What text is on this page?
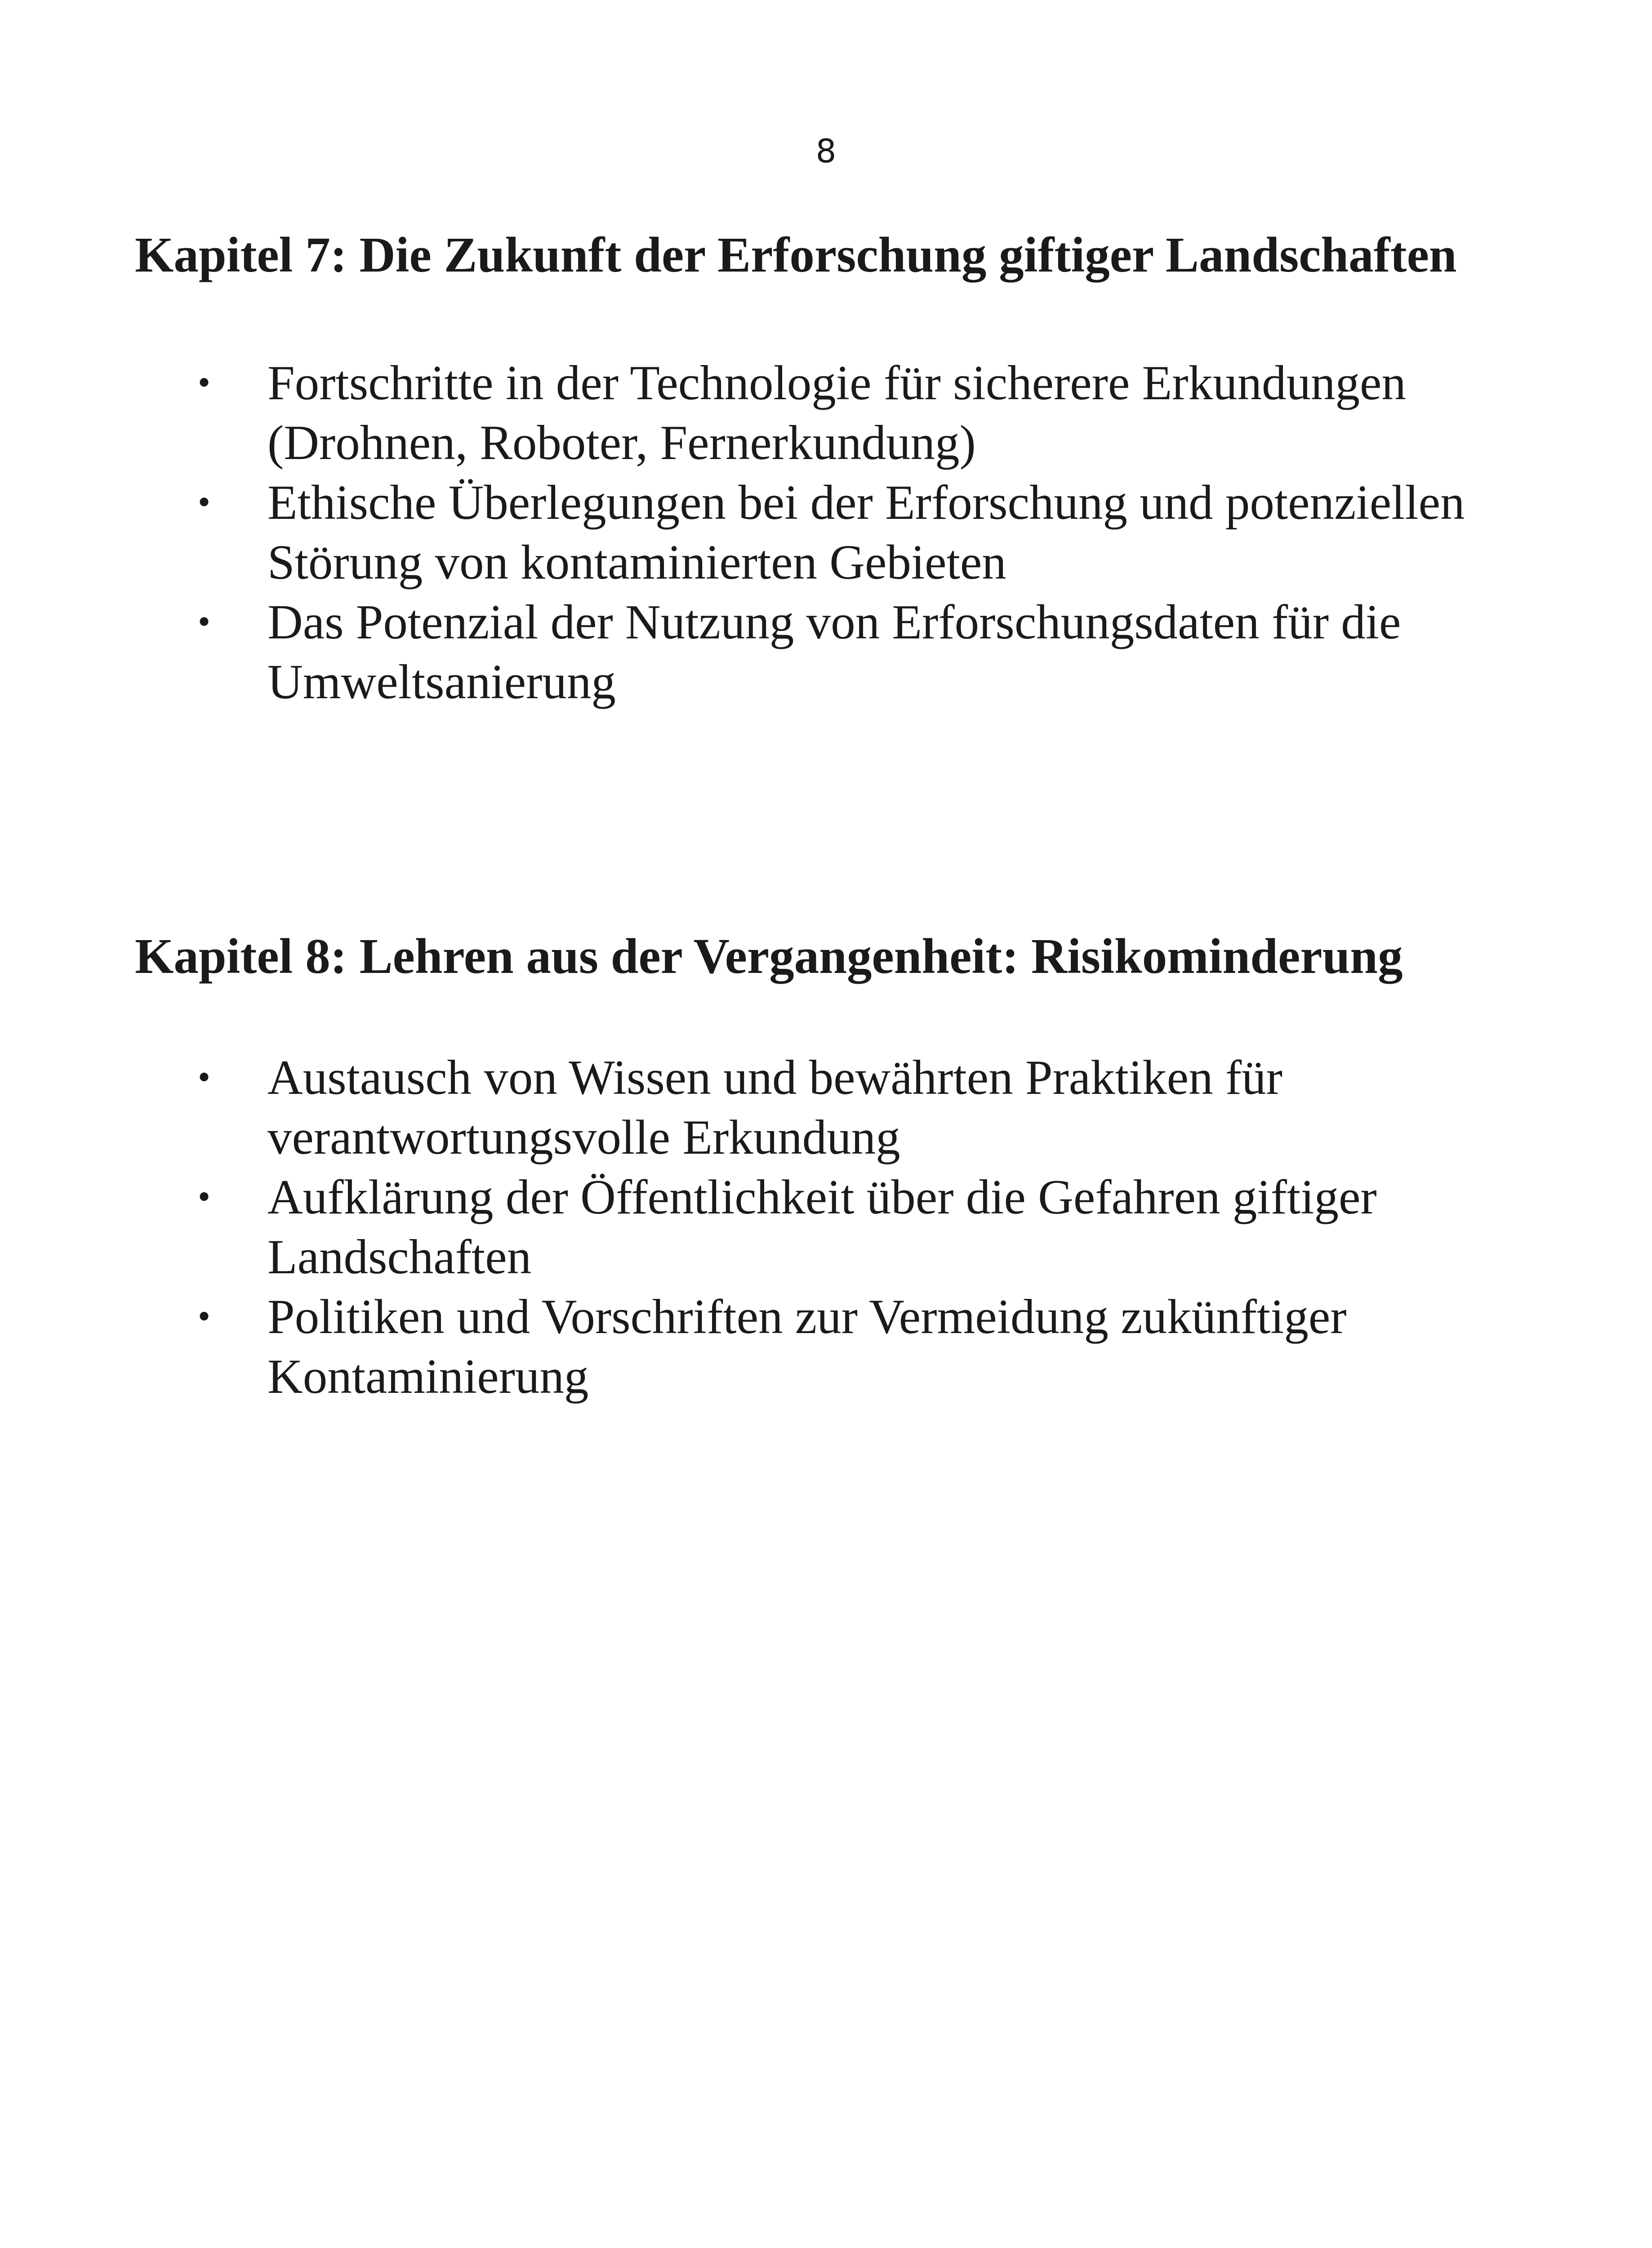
8
Kapitel 7: Die Zukunft der Erforschung giftiger Landschaften
• Fortschritte in der Technologie für sicherere Erkundungen (Drohnen, Roboter, Fernerkundung)
• Ethische Überlegungen bei der Erforschung und potenziellen Störung von kontaminierten Gebieten
• Das Potenzial der Nutzung von Erforschungsdaten für die Umweltsanierung
Kapitel 8: Lehren aus der Vergangenheit: Risikominderung
• Austausch von Wissen und bewährten Praktiken für verantwortungsvolle Erkundung
• Aufklärung der Öffentlichkeit über die Gefahren giftiger Landschaften
• Politiken und Vorschriften zur Vermeidung zukünftiger Kontaminierung
